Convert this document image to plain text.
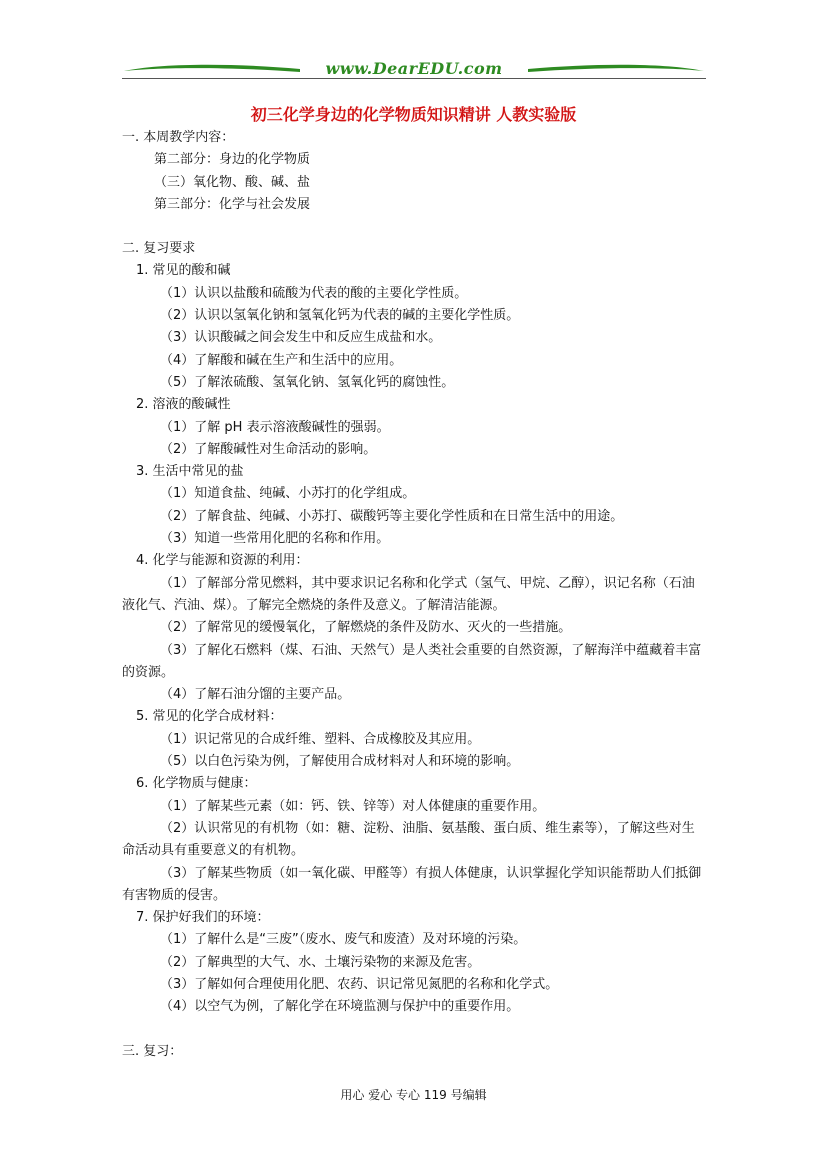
www.DearEDU.com
初三化学身边的化学物质知识精讲 人教实验版
一. 本周教学内容：
第二部分：身边的化学物质
（三）氧化物、酸、碱、盐
第三部分：化学与社会发展
二. 复习要求
1. 常见的酸和碱
（1）认识以盐酸和硫酸为代表的酸的主要化学性质。
（2）认识以氢氧化钠和氢氧化钙为代表的碱的主要化学性质。
（3）认识酸碱之间会发生中和反应生成盐和水。
（4）了解酸和碱在生产和生活中的应用。
（5）了解浓硫酸、氢氧化钠、氢氧化钙的腐蚀性。
2. 溶液的酸碱性
（1）了解 pH 表示溶液酸碱性的强弱。
（2）了解酸碱性对生命活动的影响。
3. 生活中常见的盐
（1）知道食盐、纯碱、小苏打的化学组成。
（2）了解食盐、纯碱、小苏打、碳酸钙等主要化学性质和在日常生活中的用途。
（3）知道一些常用化肥的名称和作用。
4. 化学与能源和资源的利用：
（1）了解部分常见燃料，其中要求识记名称和化学式（氢气、甲烷、乙醇），识记名称（石油液化气、汽油、煤）。了解完全燃烧的条件及意义。了解清洁能源。
（2）了解常见的缓慢氧化，了解燃烧的条件及防水、灭火的一些措施。
（3）了解化石燃料（煤、石油、天然气）是人类社会重要的自然资源，了解海洋中蕴藏着丰富的资源。
（4）了解石油分馏的主要产品。
5. 常见的化学合成材料：
（1）识记常见的合成纤维、塑料、合成橡胶及其应用。
（5）以白色污染为例，了解使用合成材料对人和环境的影响。
6. 化学物质与健康：
（1）了解某些元素（如：钙、铁、锌等）对人体健康的重要作用。
（2）认识常见的有机物（如：糖、淀粉、油脂、氨基酸、蛋白质、维生素等），了解这些对生命活动具有重要意义的有机物。
（3）了解某些物质（如一氧化碳、甲醛等）有损人体健康，认识掌握化学知识能帮助人们抵御有害物质的侵害。
7. 保护好我们的环境：
（1）了解什么是“三废”（废水、废气和废渣）及对环境的污染。
（2）了解典型的大气、水、土壤污染物的来源及危害。
（3）了解如何合理使用化肥、农药、识记常见氮肥的名称和化学式。
（4）以空气为例，了解化学在环境监测与保护中的重要作用。
三. 复习：
用心 爱心 专心 119 号编辑
